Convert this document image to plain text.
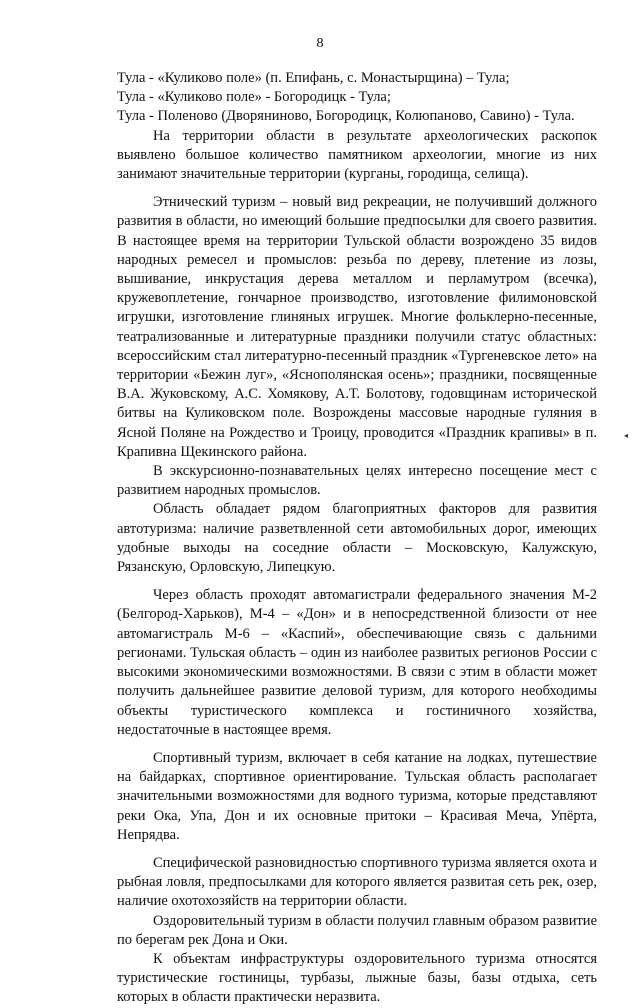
8

Тула - «Куликово поле» (п. Епифань, с. Монастырщина) – Тула;

Тула - «Куликово поле» - Богородицк - Тула;

Тула - Поленово (Дворяниново, Богородицк, Колюпаново, Савино) - Тула.

На территории области в результате археологических раскопок выявлено большое количество памятником археологии, многие из них занимают значительные территории (курганы, городища, селища).

Этнический туризм – новый вид рекреации, не получивший должного развития в области, но имеющий большие предпосылки для своего развития. В настоящее время на территории Тульской области возрождено 35 видов народных ремесел и промыслов: резьба по дереву, плетение из лозы, вышивание, инкрустация дерева металлом и перламутром (всечка), кружевоплетение, гончарное производство, изготовление филимоновской игрушки, изготовление глиняных игрушек. Многие фольклерно-песенные, театрализованные и литературные праздники получили статус областных: всероссийским стал литературно-песенный праздник «Тургеневское лето» на территории «Бежин луг», «Яснополянская осень»; праздники, посвященные В.А. Жуковскому, А.С. Хомякову, А.Т. Болотову, годовщинам исторической битвы на Куликовском поле. Возрождены массовые народные гуляния в Ясной Поляне на Рождество и Троицу, проводится «Праздник крапивы» в п. Крапивна Щекинского района.

В экскурсионно-познавательных целях интересно посещение мест с развитием народных промыслов.

Область обладает рядом благоприятных факторов для развития автотуризма: наличие разветвленной сети автомобильных дорог, имеющих удобные выходы на соседние области – Московскую, Калужскую, Рязанскую, Орловскую, Липецкую.

Через область проходят автомагистрали федерального значения М-2 (Белгород-Харьков), М-4 – «Дон» и в непосредственной близости от нее автомагистраль М-6 – «Каспий», обеспечивающие связь с дальними регионами. Тульская область – один из наиболее развитых регионов России с высокими экономическими возможностями. В связи с этим в области может получить дальнейшее развитие деловой туризм, для которого необходимы объекты туристического комплекса и гостиничного хозяйства, недостаточные в настоящее время.

Спортивный туризм, включает в себя катание на лодках, путешествие на байдарках, спортивное ориентирование. Тульская область располагает значительными возможностями для водного туризма, которые представляют реки Ока, Упа, Дон и их основные притоки – Красивая Меча, Упёрта, Непрядва.

Специфической разновидностью спортивного туризма является охота и рыбная ловля, предпосылками для которого является развитая сеть рек, озер, наличие охотохозяйств на территории области.

Оздоровительный туризм в области получил главным образом развитие по берегам рек Дона и Оки.

К объектам инфраструктуры оздоровительного туризма относятся туристические гостиницы, турбазы, лыжные базы, базы отдыха, сеть которых в области практически неразвита.

◂
